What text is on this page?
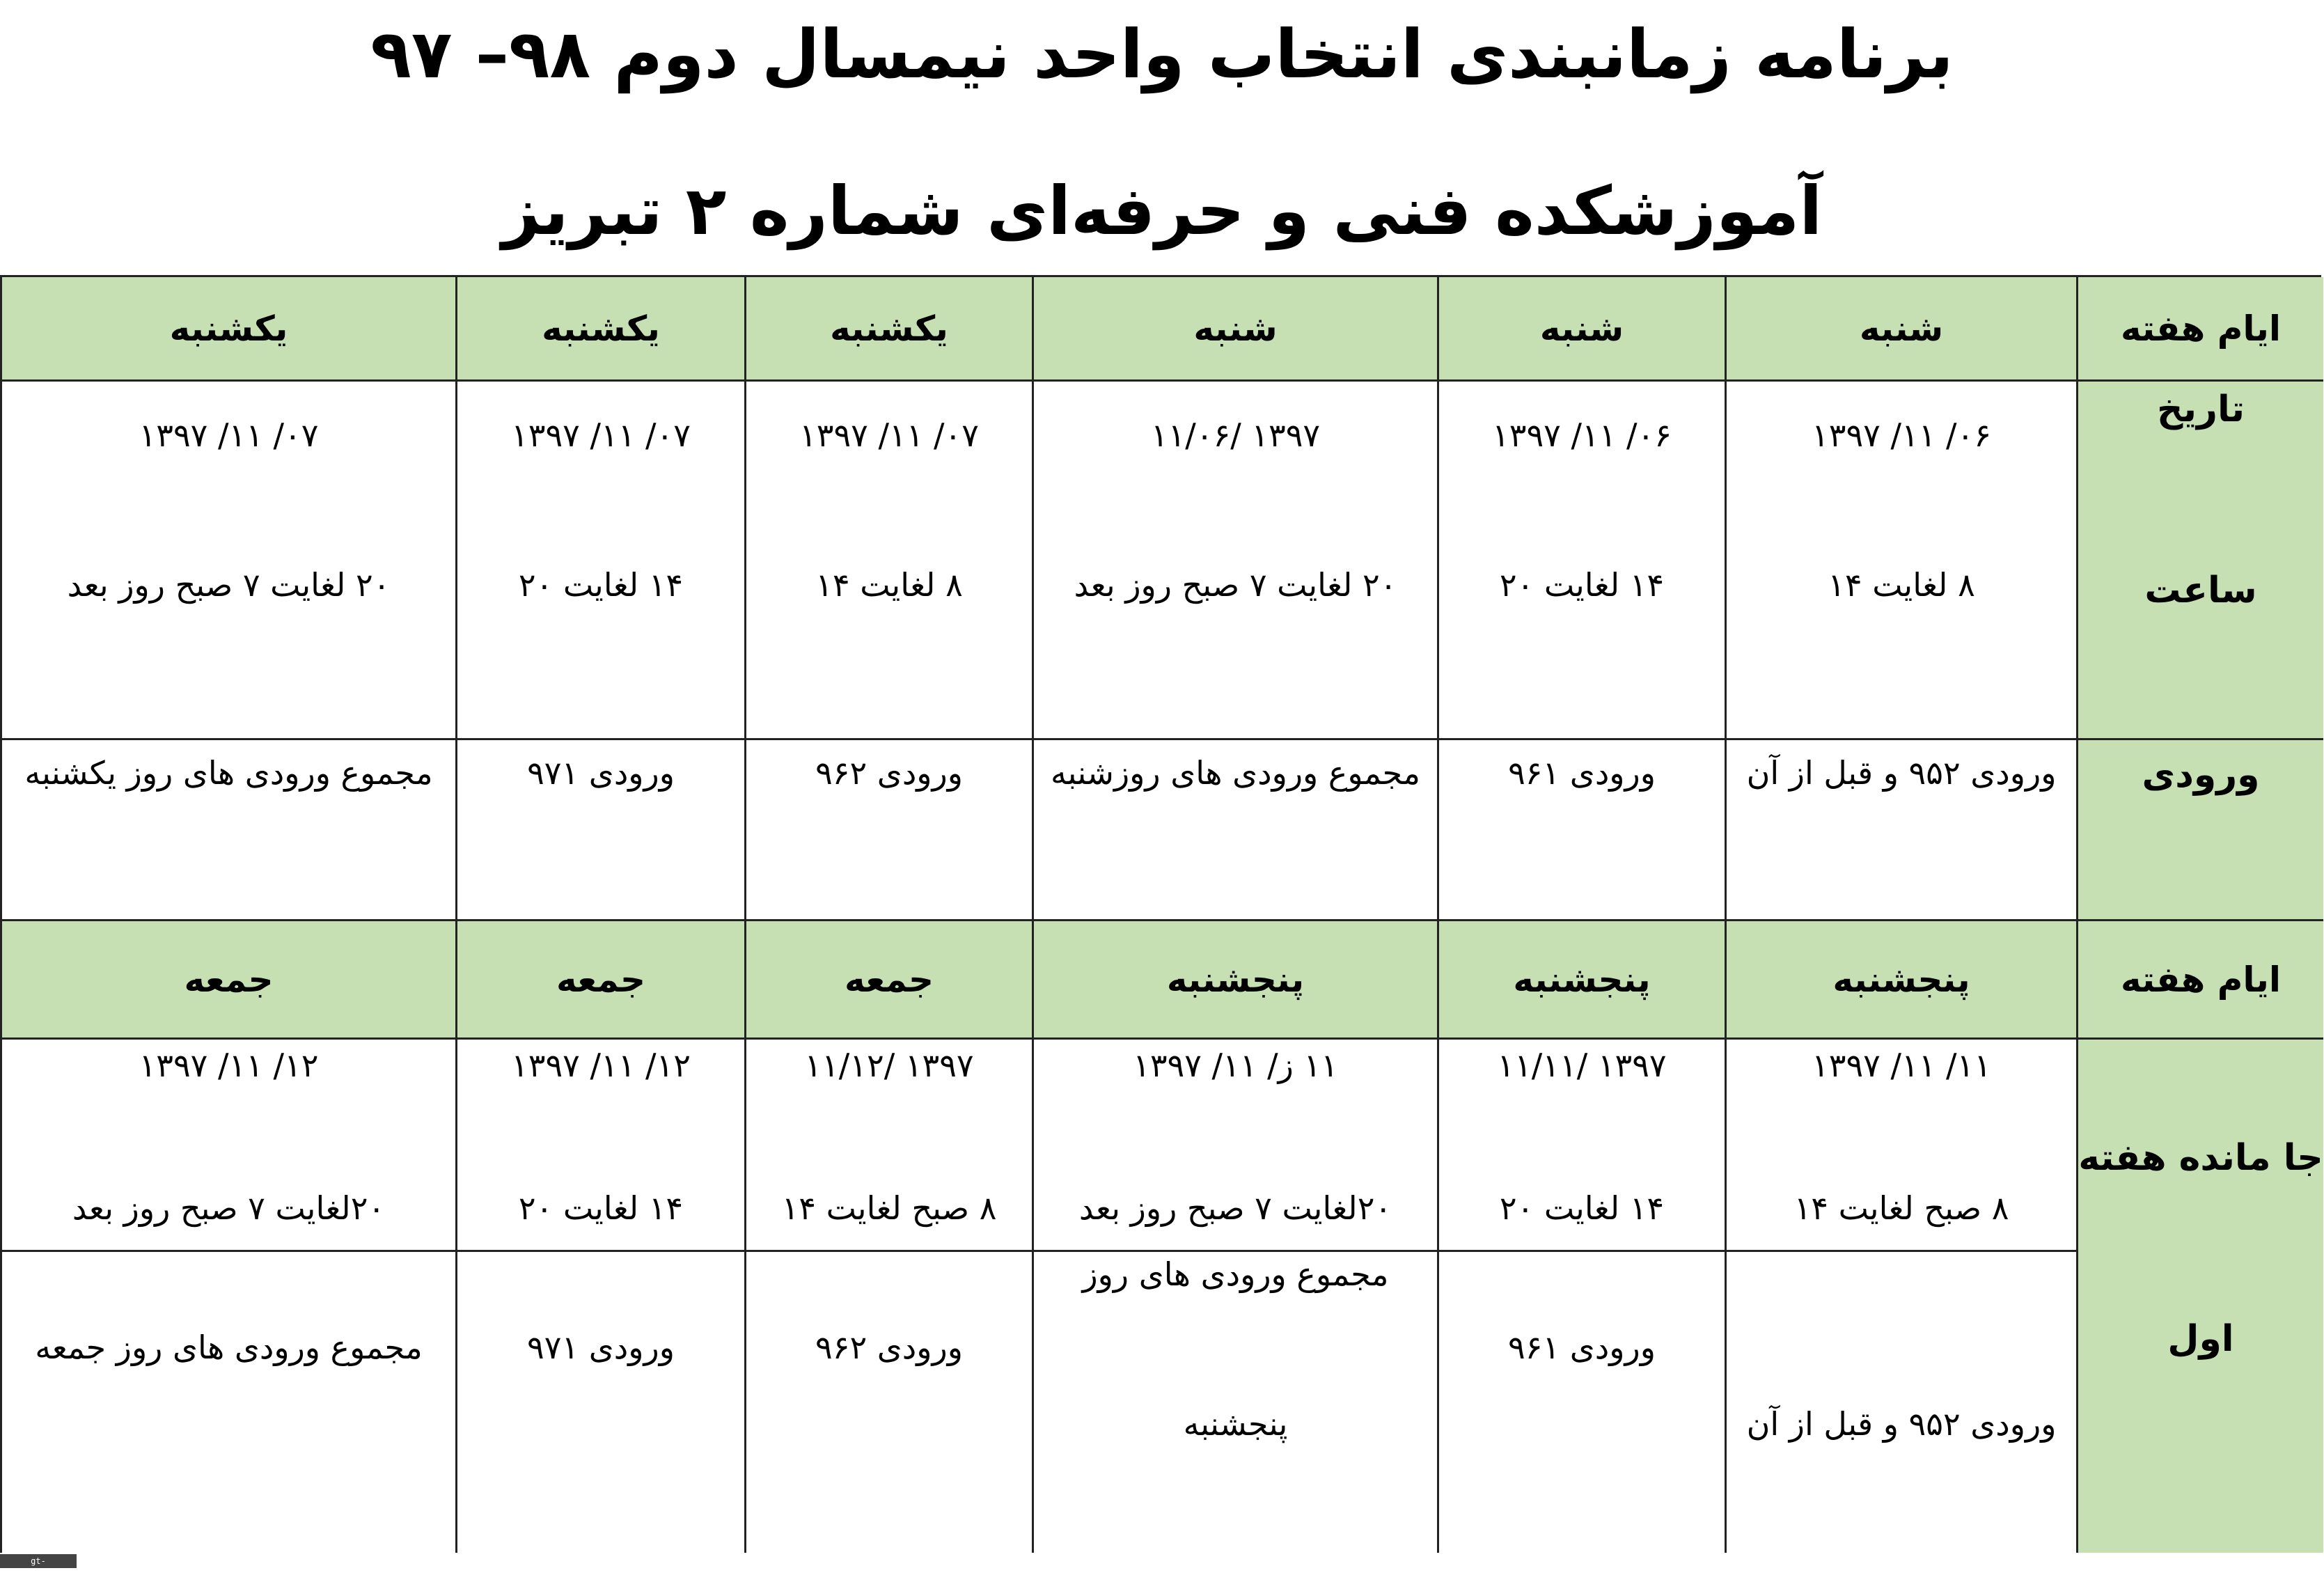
برنامه زمانبندی انتخاب واحد نیمسال دوم ۹۸– ۹۷
آموزشکده فنی و حرفه‌ای شماره ۲ تبریز
ایام هفته
شنبه
شنبه
شنبه
یکشنبه
یکشنبه
یکشنبه
تاریخ
ساعت
ورودی
۰۶/ ۱۱/ ۱۳۹۷
۸ لغایت ۱۴
۰۶/ ۱۱/ ۱۳۹۷
۱۴ لغایت ۲۰
۱۳۹۷ /۱۱/۰۶
۲۰ لغایت ۷ صبح روز بعد
۰۷/ ۱۱/ ۱۳۹۷
۸ لغایت ۱۴
۰۷/ ۱۱/ ۱۳۹۷
۱۴ لغایت ۲۰
۰۷/ ۱۱/ ۱۳۹۷
۲۰ لغایت ۷ صبح روز بعد
ورودی ۹۵۲ و قبل از آن
ورودی ۹۶۱
مجموع ورودی های روزشنبه
ورودی ۹۶۲
ورودی ۹۷۱
مجموع ورودی های روز یکشنبه
ایام هفته
پنجشنبه
پنجشنبه
پنجشنبه
جمعه
جمعه
جمعه
جا مانده هفته
اول
۱۱/ ۱۱/ ۱۳۹۷
۸ صبح لغایت ۱۴
۱۳۹۷ /۱۱/۱۱
۱۴ لغایت ۲۰
۱۱ ز/ ۱۱/ ۱۳۹۷
۲۰لغایت ۷ صبح روز بعد
۱۳۹۷ /۱۱/۱۲
۸ صبح لغایت ۱۴
۱۲/ ۱۱/ ۱۳۹۷
۱۴ لغایت ۲۰
۱۲/ ۱۱/ ۱۳۹۷
۲۰لغایت ۷ صبح روز بعد
ورودی ۹۵۲ و قبل از آن
ورودی ۹۶۱
مجموع ورودی های روز
پنجشنبه
ورودی ۹۶۲
ورودی ۹۷۱
مجموع ورودی های روز جمعه
gt-tabriz.nus.ac.ir
